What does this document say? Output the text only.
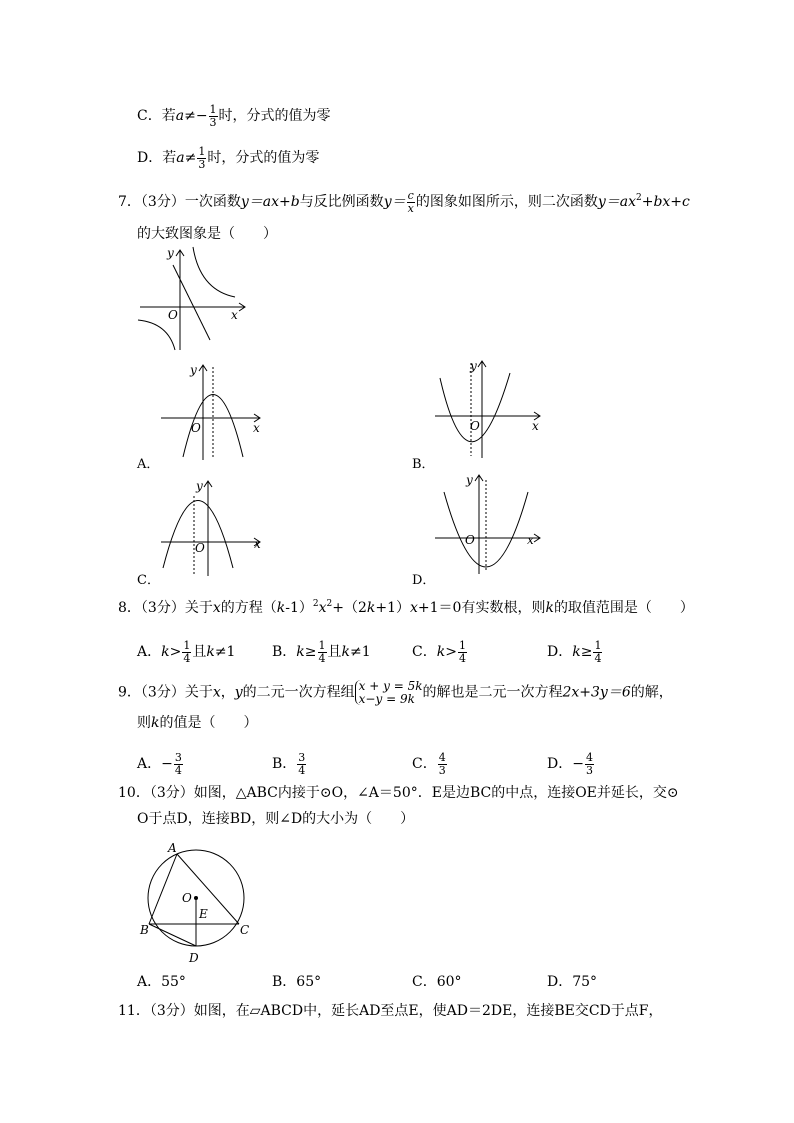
C．若$a\ne- \frac{1}{3}$ 时，分式的值为零
D．若$a\ne \frac{1}{3}$ 时，分式的值为零
7．（3分）一次函数y＝ax+b与反比例函数$y= \frac{c}{x}$ 的图象如图所示，则二次函数$y=ax^2+bx+c$
的大致图象是（　　）
y
x
O
y
x
O
A．
y
x
O
B．
y
x
O
C．
y
x
O
D．
8．（3分）关于x的方程$(k-1)^2x^2+(2k+1)x+1=0$有实数根，则k的取值范围是（　　）
A．$k> \frac{1}{4}$ 且k≠1	B．$k\ge \frac{1}{4}$ 且k≠1	C．$k> \frac{1}{4}$	D．$k\ge \frac{1}{4}$
9．（3分）关于x，y的二元一次方程组 x + y = 5k
x−y = 9k 的解也是二元一次方程2x+3y＝6的解，
则k的值是（　　）
A．− $\frac{3}{4}$	B． $\frac{3}{4}$	C． $\frac{4}{3}$	D．− $\frac{4}{3}$
10．（3分）如图，△ABC内接于⊙O，∠A＝50°．E是边BC的中点，连接OE并延长，交⊙
O于点D，连接BD，则∠D的大小为（　　）
A
B	C
D
E
O
A．55°	B．65°	C．60°	D．75°
11．（3分）如图，在▱ABCD中，延长AD至点E，使AD＝2DE，连接BE交CD于点F，
